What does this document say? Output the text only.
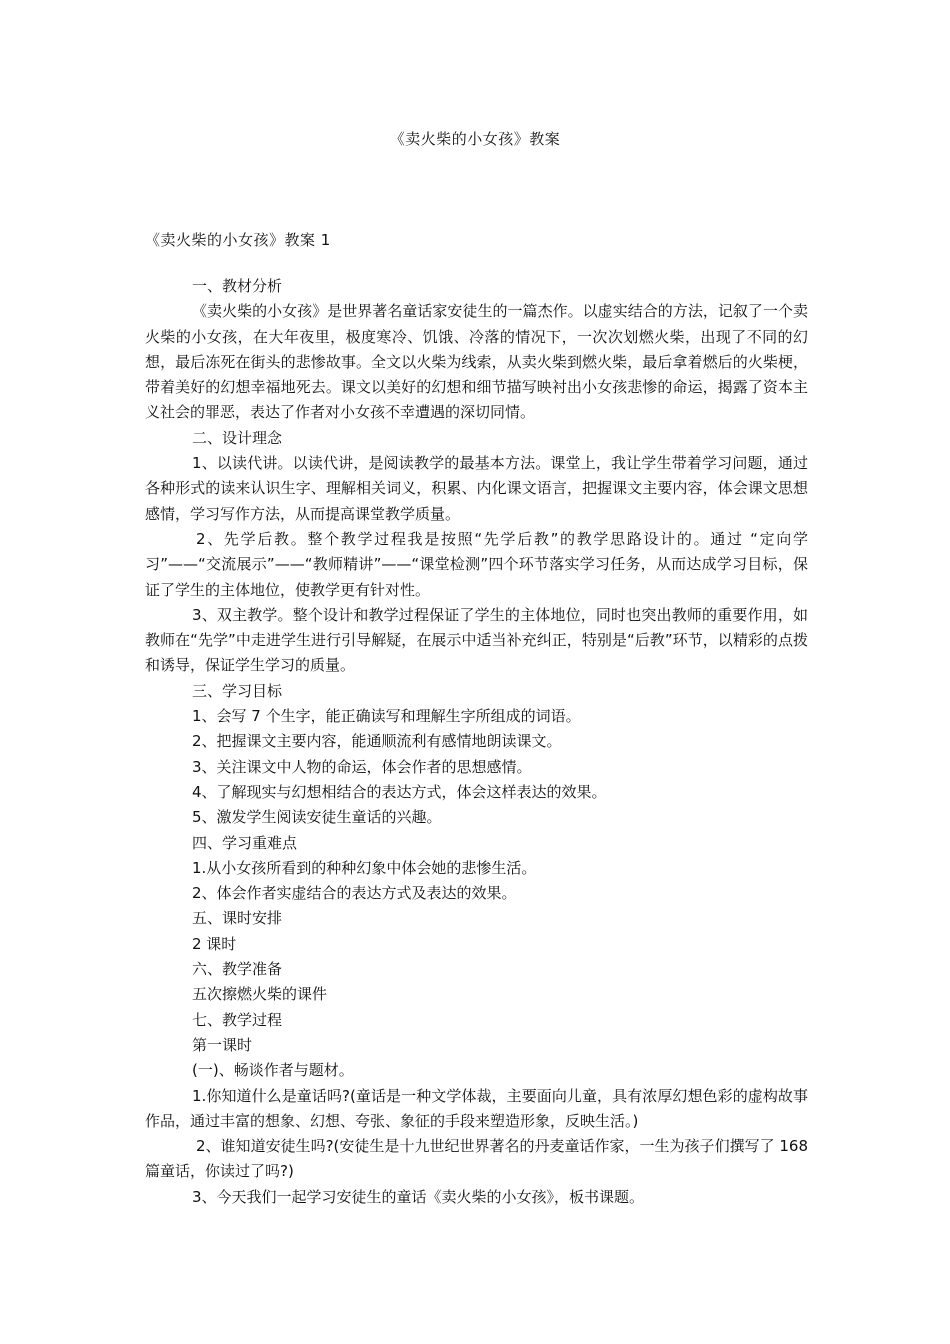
《卖火柴的小女孩》教案
《卖火柴的小女孩》教案 1

一、教材分析

《卖火柴的小女孩》是世界著名童话家安徒生的一篇杰作。以虚实结合的方法，记叙了一个卖火柴的小女孩，在大年夜里，极度寒冷、饥饿、冷落的情况下，一次次划燃火柴，出现了不同的幻想，最后冻死在街头的悲惨故事。全文以火柴为线索，从卖火柴到燃火柴，最后拿着燃后的火柴梗，带着美好的幻想幸福地死去。课文以美好的幻想和细节描写映衬出小女孩悲惨的命运，揭露了资本主义社会的罪恶，表达了作者对小女孩不幸遭遇的深切同情。

二、设计理念

1、以读代讲。以读代讲，是阅读教学的最基本方法。课堂上，我让学生带着学习问题，通过各种形式的读来认识生字、理解相关词义，积累、内化课文语言，把握课文主要内容，体会课文思想感情，学习写作方法，从而提高课堂教学质量。

2、先学后教。整个教学过程我是按照“先学后教”的教学思路设计的。通过 “定向学习”——“交流展示”——“教师精讲”——“课堂检测”四个环节落实学习任务，从而达成学习目标，保证了学生的主体地位，使教学更有针对性。

3、双主教学。整个设计和教学过程保证了学生的主体地位，同时也突出教师的重要作用，如教师在“先学”中走进学生进行引导解疑，在展示中适当补充纠正，特别是“后教”环节，以精彩的点拨和诱导，保证学生学习的质量。

三、学习目标

1、会写 7 个生字，能正确读写和理解生字所组成的词语。

2、把握课文主要内容，能通顺流利有感情地朗读课文。

3、关注课文中人物的命运，体会作者的思想感情。

4、了解现实与幻想相结合的表达方式，体会这样表达的效果。

5、激发学生阅读安徒生童话的兴趣。

四、学习重难点

1.从小女孩所看到的种种幻象中体会她的悲惨生活。

2、体会作者实虚结合的表达方式及表达的效果。

五、课时安排

2 课时

六、教学准备

五次擦燃火柴的课件

七、教学过程

第一课时

(一)、畅谈作者与题材。

1.你知道什么是童话吗?(童话是一种文学体裁，主要面向儿童，具有浓厚幻想色彩的虚构故事作品，通过丰富的想象、幻想、夸张、象征的手段来塑造形象，反映生活。)

2、谁知道安徒生吗?(安徒生是十九世纪世界著名的丹麦童话作家，一生为孩子们撰写了 168 篇童话，你读过了吗?)

3、今天我们一起学习安徒生的童话《卖火柴的小女孩》，板书课题。
